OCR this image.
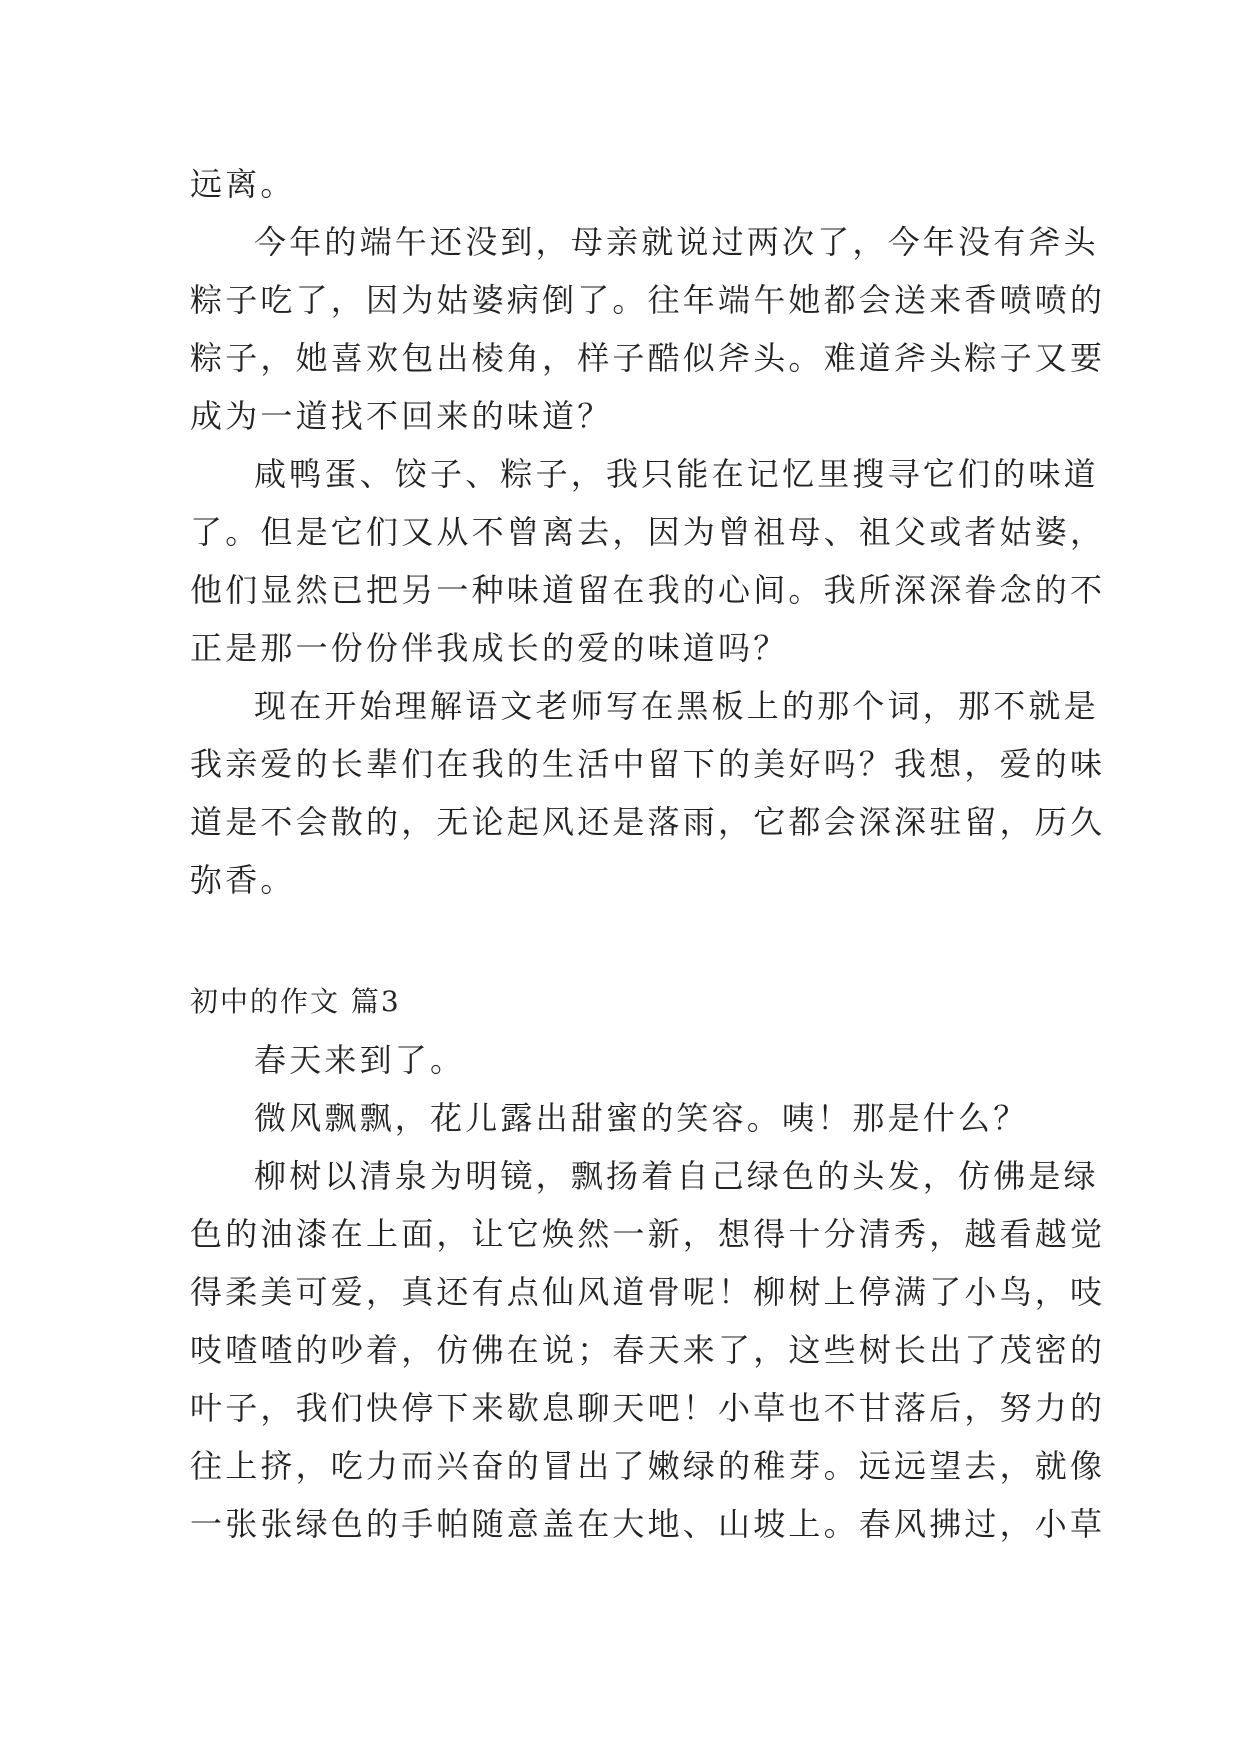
远离。
今年的端午还没到，母亲就说过两次了，今年没有斧头
粽子吃了，因为姑婆病倒了。往年端午她都会送来香喷喷的
粽子，她喜欢包出棱角，样子酷似斧头。难道斧头粽子又要
成为一道找不回来的味道？
咸鸭蛋、饺子、粽子，我只能在记忆里搜寻它们的味道
了。但是它们又从不曾离去，因为曾祖母、祖父或者姑婆，
他们显然已把另一种味道留在我的心间。我所深深眷念的不
正是那一份份伴我成长的爱的味道吗？
现在开始理解语文老师写在黑板上的那个词，那不就是
我亲爱的长辈们在我的生活中留下的美好吗？我想，爱的味
道是不会散的，无论起风还是落雨，它都会深深驻留，历久
弥香。
初中的作文 篇3
春天来到了。
微风飘飘，花儿露出甜蜜的笑容。咦！那是什么？
柳树以清泉为明镜，飘扬着自己绿色的头发，仿佛是绿
色的油漆在上面，让它焕然一新，想得十分清秀，越看越觉
得柔美可爱，真还有点仙风道骨呢！柳树上停满了小鸟，吱
吱喳喳的吵着，仿佛在说；春天来了，这些树长出了茂密的
叶子，我们快停下来歇息聊天吧！小草也不甘落后，努力的
往上挤，吃力而兴奋的冒出了嫩绿的稚芽。远远望去，就像
一张张绿色的手帕随意盖在大地、山坡上。春风拂过，小草
